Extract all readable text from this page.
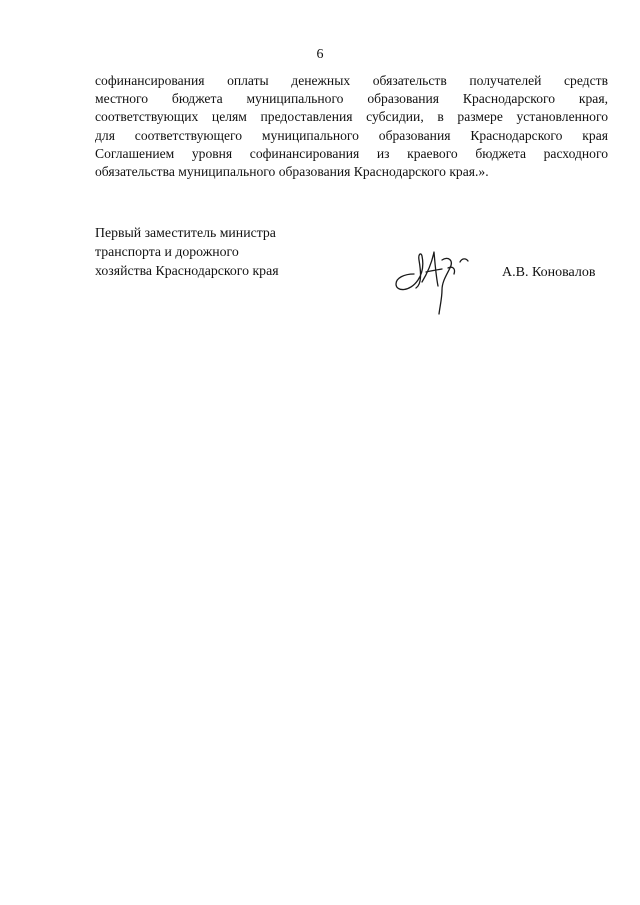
6
софинансирования оплаты денежных обязательств получателей средств
местного бюджета муниципального образования Краснодарского края,
соответствующих целям предоставления субсидии, в размере установленного
для соответствующего муниципального образования Краснодарского края
Соглашением уровня софинансирования из краевого бюджета расходного
обязательства муниципального образования Краснодарского края.».
Первый заместитель министра
транспорта и дорожного
хозяйства Краснодарского края	А.В. Коновалов
